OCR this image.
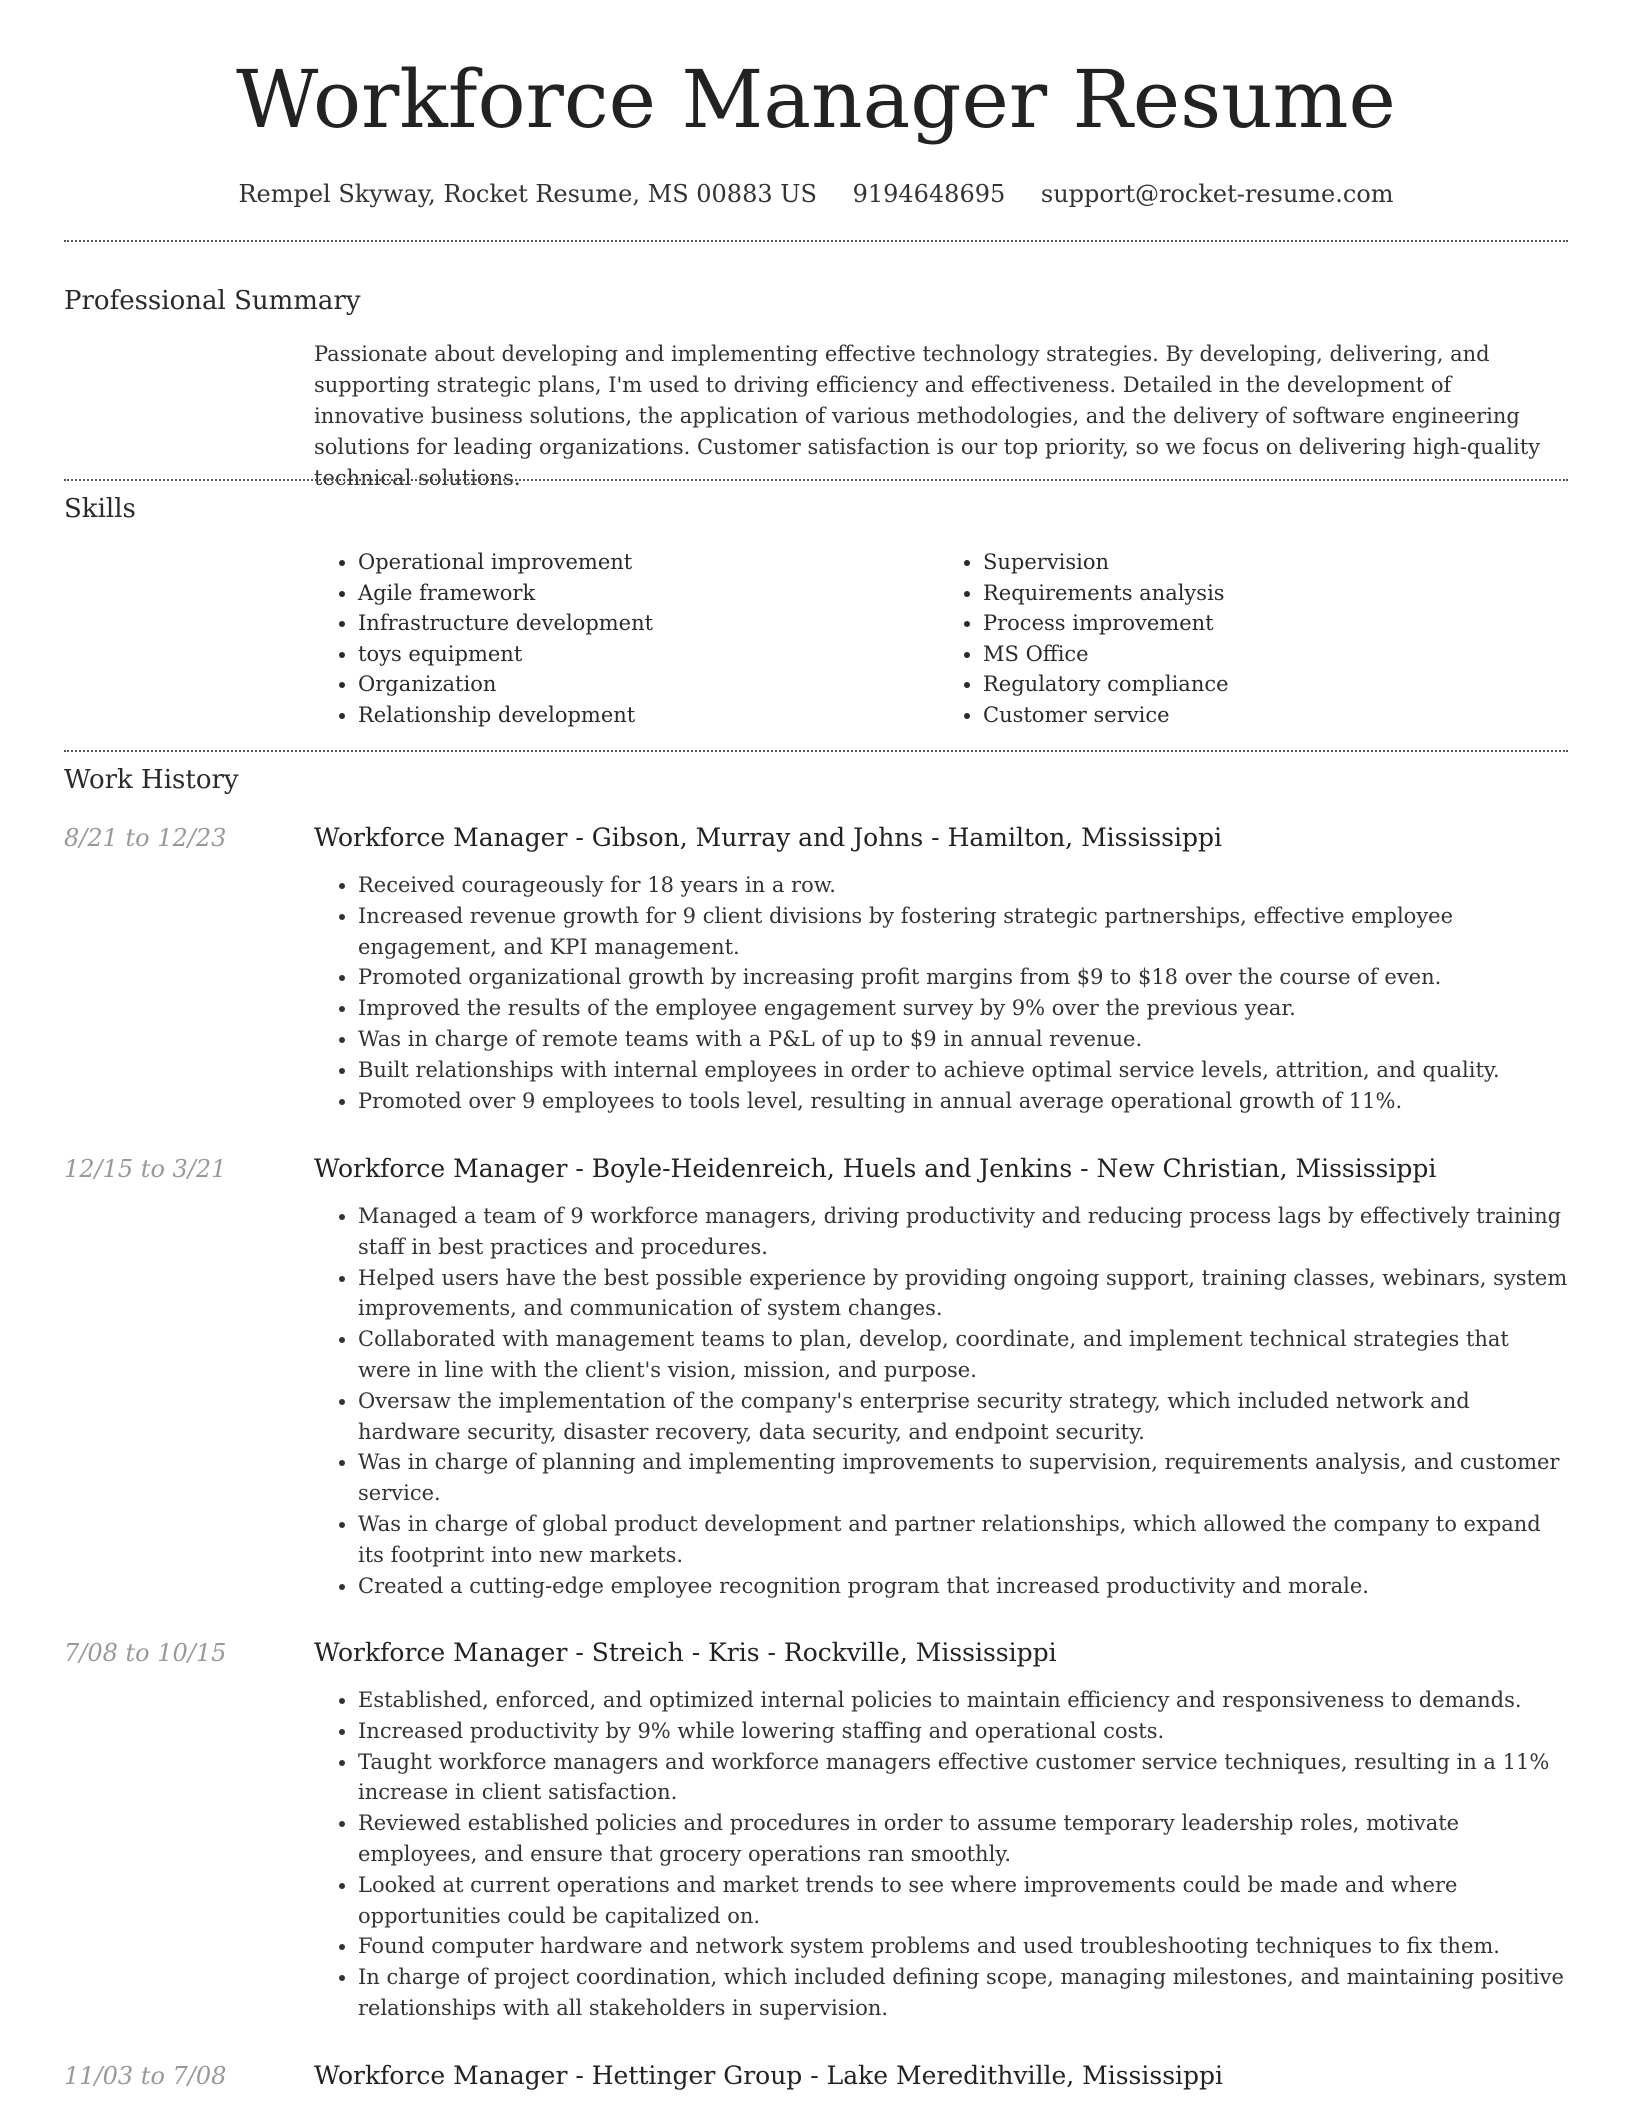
Workforce Manager Resume
Rempel Skyway, Rocket Resume, MS 00883 US 9194648695 support@rocket-resume.com
Professional Summary

Passionate about developing and implementing effective technology strategies. By developing, delivering, and supporting strategic plans, I'm used to driving efficiency and effectiveness. Detailed in the development of innovative business solutions, the application of various methodologies, and the delivery of software engineering solutions for leading organizations. Customer satisfaction is our top priority, so we focus on delivering high-quality technical solutions.

Skills
• Operational improvement
• Agile framework
• Infrastructure development
• toys equipment
• Organization
• Relationship development
• Supervision
• Requirements analysis
• Process improvement
• MS Office
• Regulatory compliance
• Customer service
Work History
8/21 to 12/23	Workforce Manager - Gibson, Murray and Johns - Hamilton, Mississippi
• Received courageously for 18 years in a row.
• Increased revenue growth for 9 client divisions by fostering strategic partnerships, effective employee engagement, and KPI management.
• Promoted organizational growth by increasing profit margins from $9 to $18 over the course of even.
• Improved the results of the employee engagement survey by 9% over the previous year.
• Was in charge of remote teams with a P&L of up to $9 in annual revenue.
• Built relationships with internal employees in order to achieve optimal service levels, attrition, and quality.
• Promoted over 9 employees to tools level, resulting in annual average operational growth of 11%.
12/15 to 3/21	Workforce Manager - Boyle-Heidenreich, Huels and Jenkins - New Christian, Mississippi
• Managed a team of 9 workforce managers, driving productivity and reducing process lags by effectively training staff in best practices and procedures.
• Helped users have the best possible experience by providing ongoing support, training classes, webinars, system improvements, and communication of system changes.
• Collaborated with management teams to plan, develop, coordinate, and implement technical strategies that were in line with the client's vision, mission, and purpose.
• Oversaw the implementation of the company's enterprise security strategy, which included network and hardware security, disaster recovery, data security, and endpoint security.
• Was in charge of planning and implementing improvements to supervision, requirements analysis, and customer service.
• Was in charge of global product development and partner relationships, which allowed the company to expand its footprint into new markets.
• Created a cutting-edge employee recognition program that increased productivity and morale.
7/08 to 10/15	Workforce Manager - Streich - Kris - Rockville, Mississippi
• Established, enforced, and optimized internal policies to maintain efficiency and responsiveness to demands.
• Increased productivity by 9% while lowering staffing and operational costs.
• Taught workforce managers and workforce managers effective customer service techniques, resulting in a 11% increase in client satisfaction.
• Reviewed established policies and procedures in order to assume temporary leadership roles, motivate employees, and ensure that grocery operations ran smoothly.
• Looked at current operations and market trends to see where improvements could be made and where opportunities could be capitalized on.
• Found computer hardware and network system problems and used troubleshooting techniques to fix them.
• In charge of project coordination, which included defining scope, managing milestones, and maintaining positive relationships with all stakeholders in supervision.
11/03 to 7/08	Workforce Manager - Hettinger Group - Lake Meredithville, Mississippi
